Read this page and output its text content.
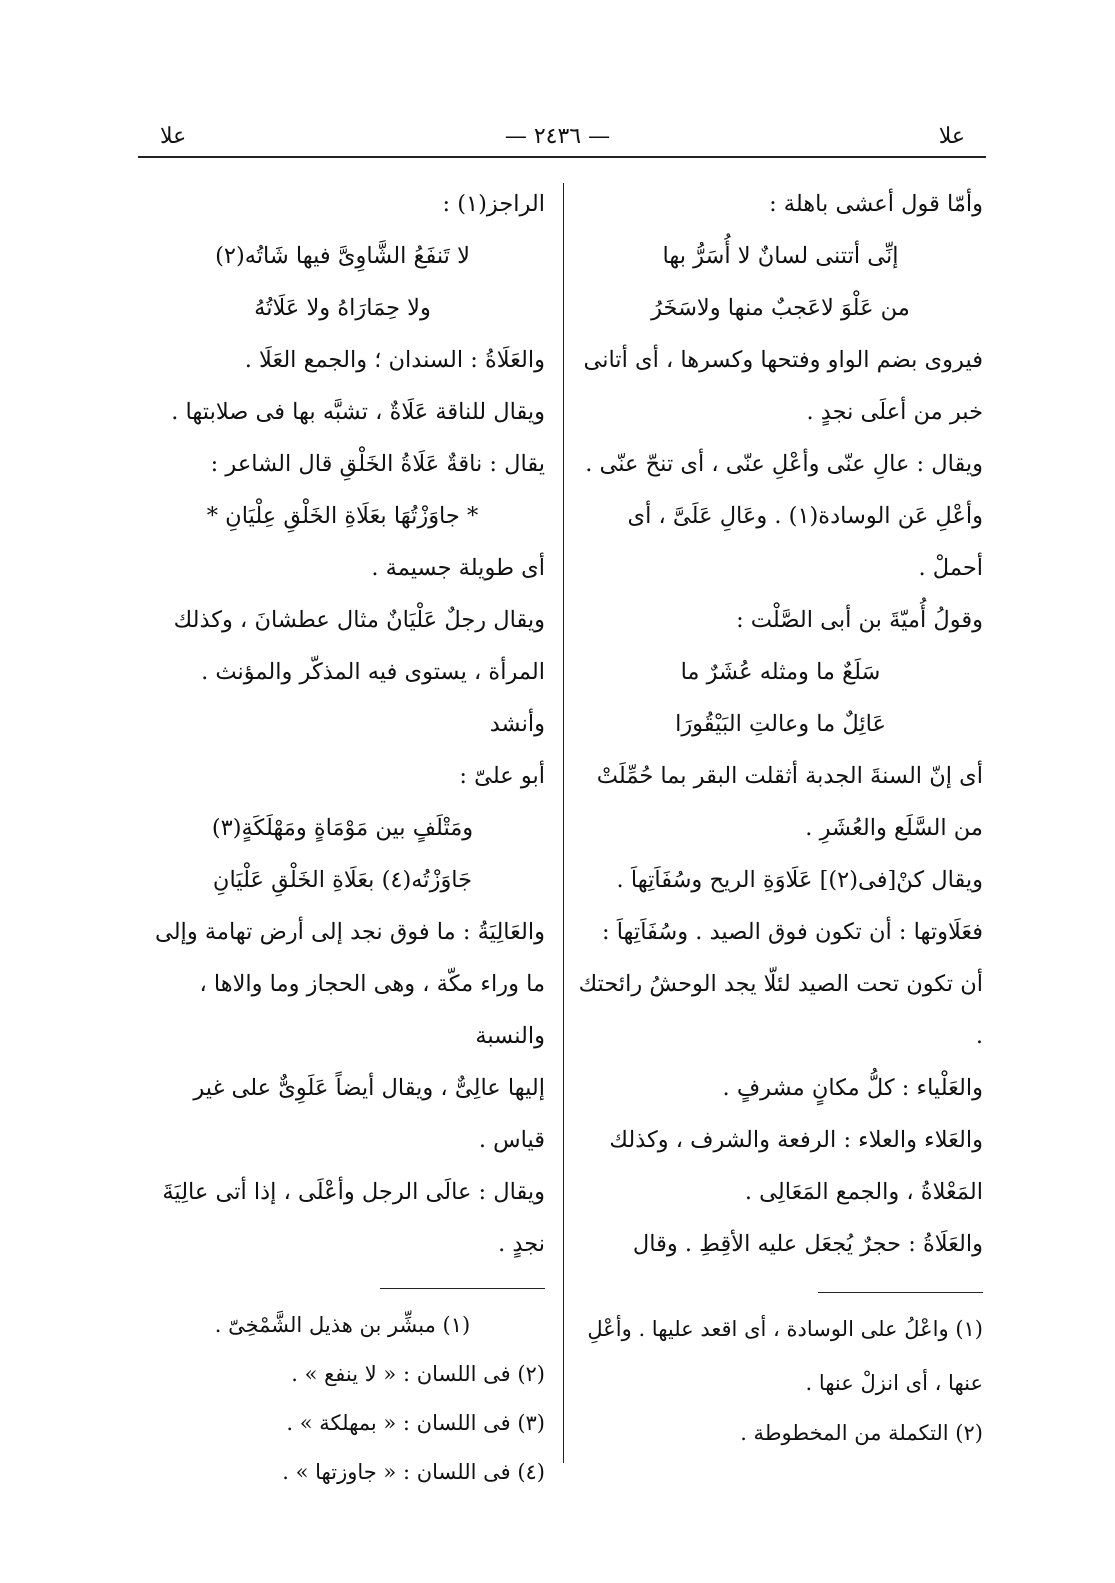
علا
— ٢٤٣٦ —
علا

وأمّا قول أعشى باهلة :

إنِّى أتتنى لسانٌ لا أُسَرُّ بها

من عَلْوَ لاعَجبٌ منها ولاسَخَرُ

فيروى بضم الواو وفتحها وكسرها ، أى أتانى

خبر من أعلَى نجدٍ .

ويقال : عالِ عنّى وأعْلِ عنّى ، أى تنحّ عنّى .

وأعْلِ عَن الوسادة(١) . وعَالِ عَلَىَّ ، أى أحملْ .

وقولُ أُميّةَ بن أبى الصَّلْت :

سَلَعٌ ما ومثله عُشَرٌ ما

عَائِلٌ ما وعالتِ البَيْقُورَا

أى إنّ السنةَ الجدبة أثقلت البقر بما حُمِّلَتْ

من السَّلَع والعُشَرِ .

ويقال كنْ[فى(٢)] عَلَاوَةِ الريح وسُفَاَتِهاَ .

فعَلَاوتها : أن تكون فوق الصيد . وسُفَاَتِهاَ :

أن تكون تحت الصيد لئلّا يجد الوحشُ رائحتك .

والعَلْياء : كلُّ مكانٍ مشرفٍ .

والعَلاء والعلاء : الرفعة والشرف ، وكذلك

المَعْلاةُ ، والجمع المَعَالِى .

والعَلَاةُ : حجرٌ يُجعَل عليه الأقِطِ . وقال

(١) واعْلُ على الوسادة ، أى اقعد عليها . وأعْلِ

عنها ، أى انزلْ عنها .

(٢) التكملة من المخطوطة .

الراجز(١) :

لا تَنفَعُ الشَّاوِىَّ فيها شَاتُه(٢)

ولا حِمَارَاهُ ولا عَلَاتُهُ

والعَلَاةُ : السندان ؛ والجمع العَلَا .

ويقال للناقة عَلَاةٌ ، تشبَّه بها فى صلابتها .

يقال : ناقةٌ عَلَاةُ الخَلْقِ قال الشاعر :

* جاوَزْتُهَا بعَلَاةِ الخَلْقِ عِلْيَانِ *

أى طويلة جسيمة .

ويقال رجلٌ عَلْيَانٌ مثال عطشانَ ، وكذلك

المرأة ، يستوى فيه المذكّر والمؤنث . وأنشد

أبو علىّ :

ومَتْلَفٍ بين مَوْمَاةٍ ومَهْلَكَةٍ(٣)

جَاوَزْتُه(٤) بعَلَاةِ الخَلْقِ عَلْيَانِ

والعَالِيَةُ : ما فوق نجد إلى أرض تهامة وإلى

ما وراء مكّة ، وهى الحجاز وما والاها ، والنسبة

إليها عالِىٌّ ، ويقال أيضاً عَلَوِىٌّ على غير قياس .

ويقال : عالَى الرجل وأعْلَى ، إذا أتى عالِيَةَ

نجدٍ .

(١) مبشِّر بن هذيل الشَّمْخِىّ .

(٢) فى اللسان : « لا ينفع » .

(٣) فى اللسان : « بمهلكة » .

(٤) فى اللسان : « جاوزتها » .
